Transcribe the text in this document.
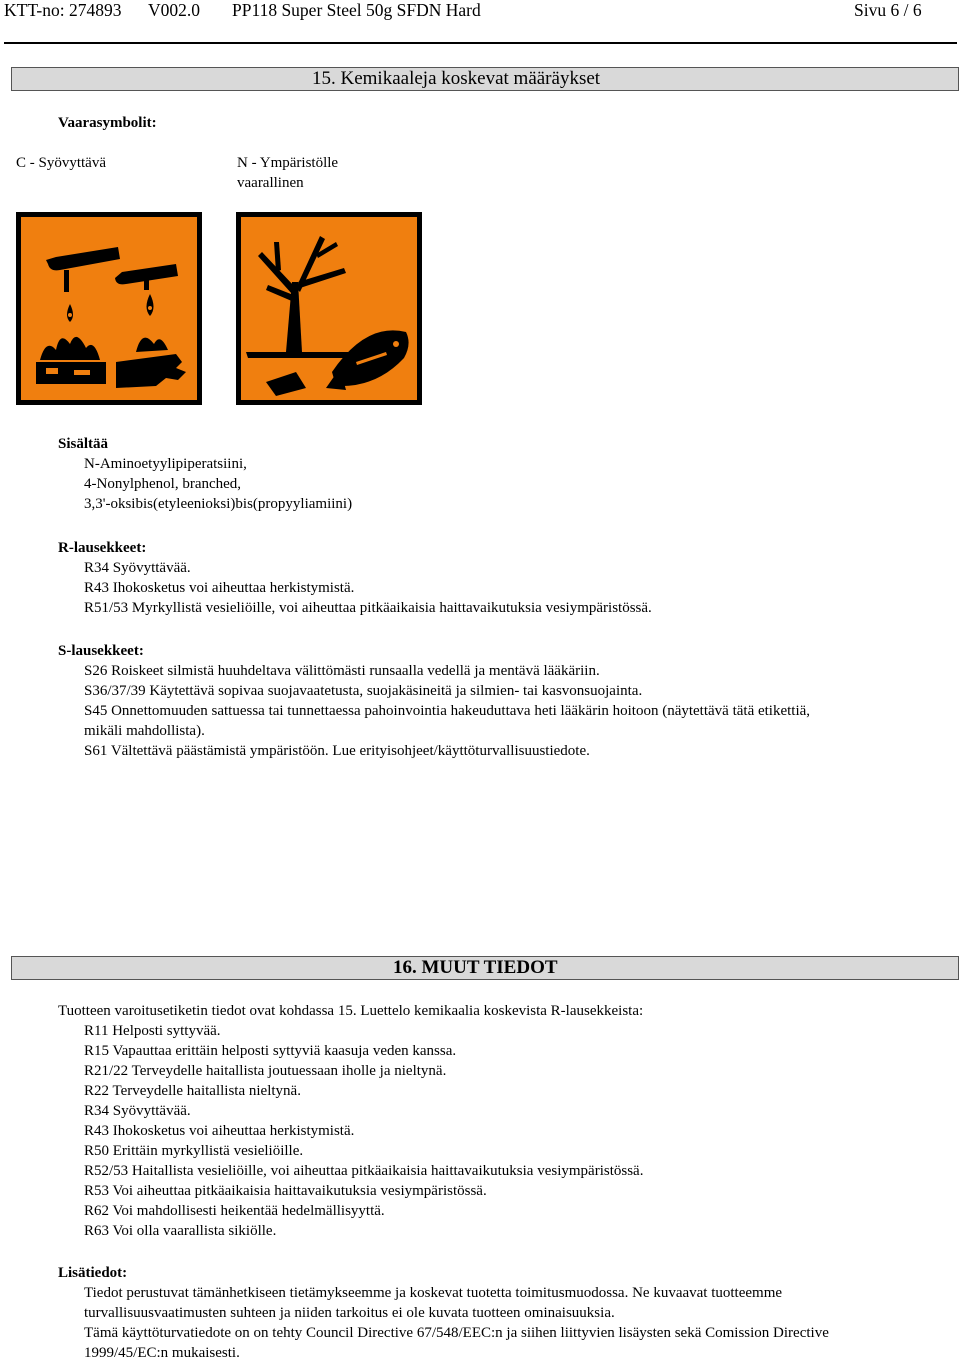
KTT-no: 274893 V002.0 PP118 Super Steel 50g SFDN Hard	Sivu 6 / 6
15. Kemikaaleja koskevat määräykset
Vaarasymbolit:
C - Syövyttävä	N - Ympäristölle
vaarallinen
Sisältää
N-Aminoetyylipiperatsiini,
4-Nonylphenol, branched,
3,3'-oksibis(etyleenioksi)bis(propyyliamiini)
R-lausekkeet:
R34 Syövyttävää.
R43 Ihokosketus voi aiheuttaa herkistymistä.
R51/53 Myrkyllistä vesieliöille, voi aiheuttaa pitkäaikaisia haittavaikutuksia vesiympäristössä.
S-lausekkeet:
S26 Roiskeet silmistä huuhdeltava välittömästi runsaalla vedellä ja mentävä lääkäriin.
S36/37/39 Käytettävä sopivaa suojavaatetusta, suojakäsineitä ja silmien- tai kasvonsuojainta.
S45 Onnettomuuden sattuessa tai tunnettaessa pahoinvointia hakeuduttava heti lääkärin hoitoon (näytettävä tätä etikettiä,
mikäli mahdollista).
S61 Vältettävä päästämistä ympäristöön. Lue erityisohjeet/käyttöturvallisuustiedote.
16. MUUT TIEDOT
Tuotteen varoitusetiketin tiedot ovat kohdassa 15. Luettelo kemikaalia koskevista R-lausekkeista:
R11 Helposti syttyvää.
R15 Vapauttaa erittäin helposti syttyviä kaasuja veden kanssa.
R21/22 Terveydelle haitallista joutuessaan iholle ja nieltynä.
R22 Terveydelle haitallista nieltynä.
R34 Syövyttävää.
R43 Ihokosketus voi aiheuttaa herkistymistä.
R50 Erittäin myrkyllistä vesieliöille.
R52/53 Haitallista vesieliöille, voi aiheuttaa pitkäaikaisia haittavaikutuksia vesiympäristössä.
R53 Voi aiheuttaa pitkäaikaisia haittavaikutuksia vesiympäristössä.
R62 Voi mahdollisesti heikentää hedelmällisyyttä.
R63 Voi olla vaarallista sikiölle.
Lisätiedot:
Tiedot perustuvat tämänhetkiseen tietämykseemme ja koskevat tuotetta toimitusmuodossa. Ne kuvaavat tuotteemme
turvallisuusvaatimusten suhteen ja niiden tarkoitus ei ole kuvata tuotteen ominaisuuksia.
Tämä käyttöturvatiedote on on tehty Council Directive 67/548/EEC:n ja siihen liittyvien lisäysten sekä Comission Directive
1999/45/EC:n mukaisesti.
